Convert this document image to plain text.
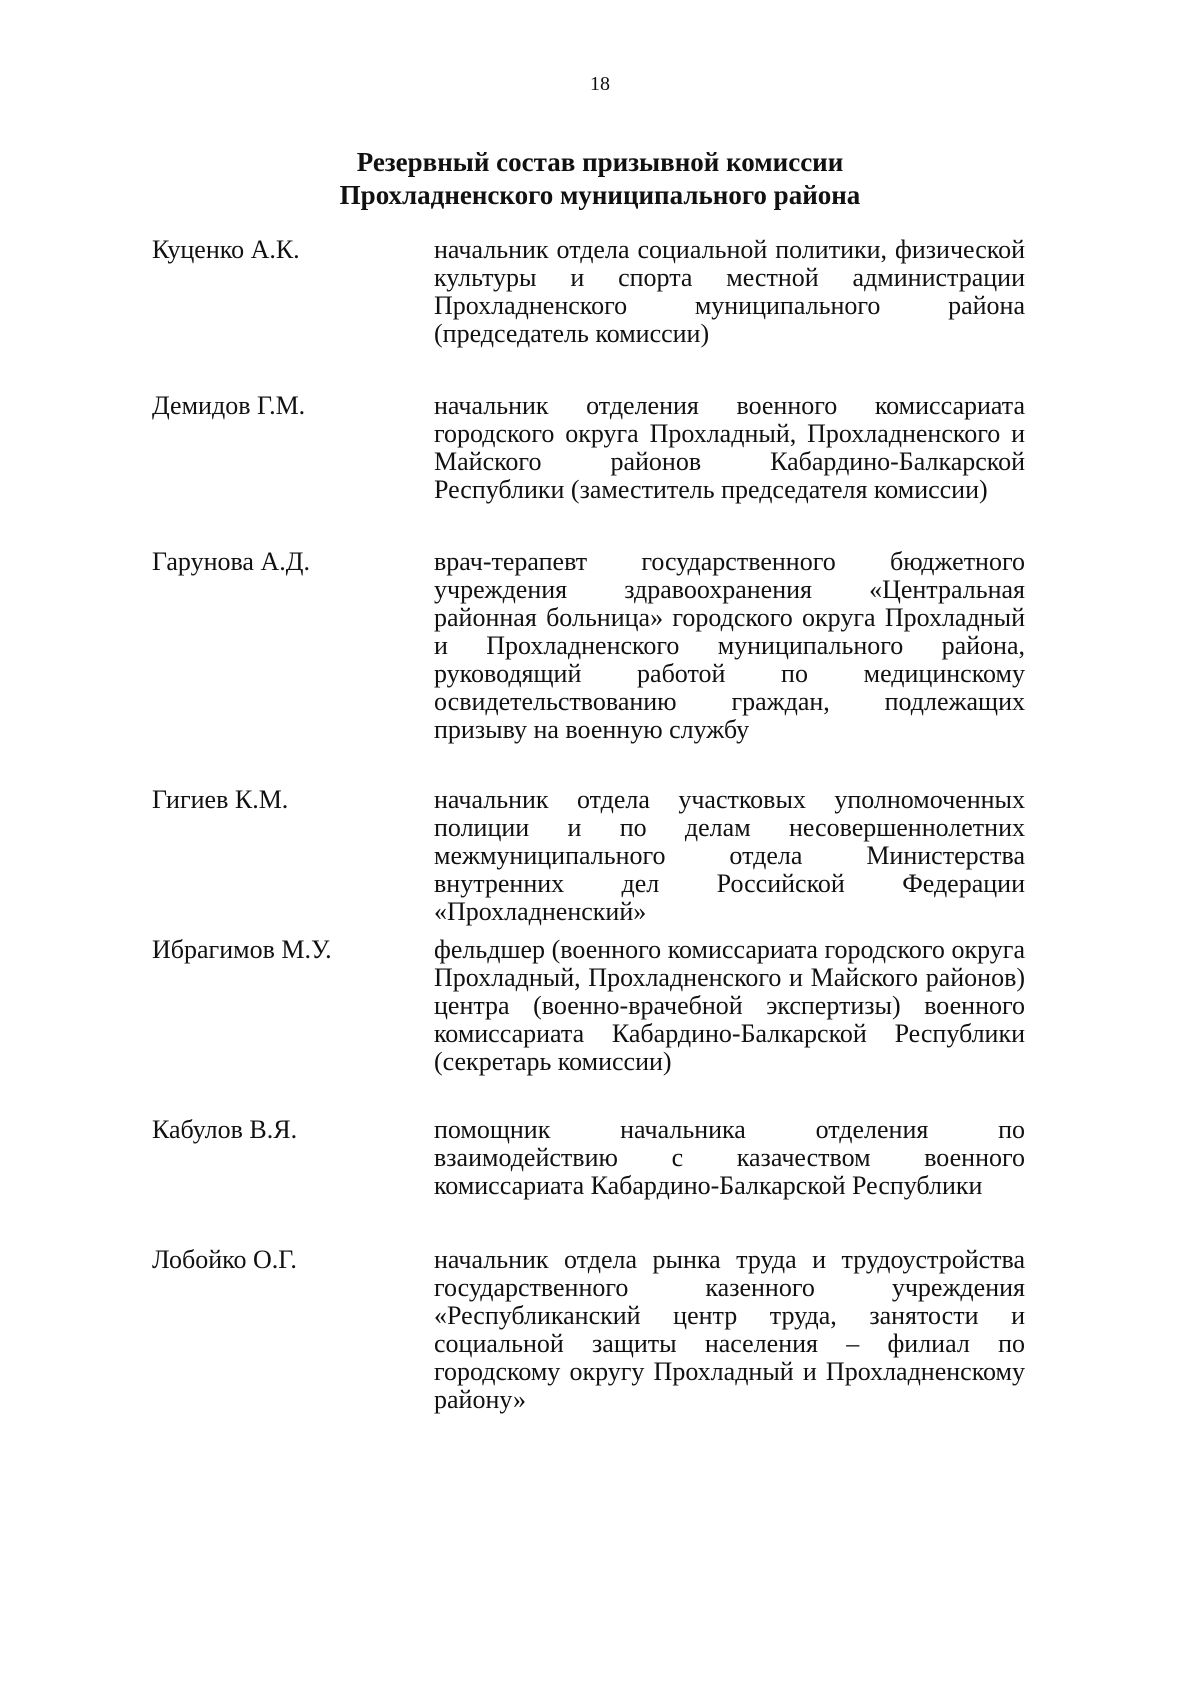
18
Резервный состав призывной комиссии
Прохладненского муниципального района
Куценко А.К.	начальник отдела социальной политики, физической культуры и спорта местной администрации Прохладненского муниципального района (председатель комиссии)
Демидов Г.М.	начальник отделения военного комиссариата городского округа Прохладный, Прохладненского и Майского районов Кабардино-Балкарской Республики (заместитель председателя комиссии)
Гарунова А.Д.	врач-терапевт государственного бюджетного учреждения здравоохранения «Центральная районная больница» городского округа Прохладный и Прохладненского муниципального района, руководящий работой по медицинскому освидетельствованию граждан, подлежащих призыву на военную службу
Гигиев К.М.	начальник отдела участковых уполномоченных полиции и по делам несовершеннолетних межмуниципального отдела Министерства внутренних дел Российской Федерации «Прохладненский»
Ибрагимов М.У.	фельдшер (военного комиссариата городского округа Прохладный, Прохладненского и Майского районов) центра (военно-врачебной экспертизы) военного комиссариата Кабардино-Балкарской Республики (секретарь комиссии)
Кабулов В.Я.	помощник начальника отделения по взаимодействию с казачеством военного комиссариата Кабардино-Балкарской Республики
Лобойко О.Г.	начальник отдела рынка труда и трудоустройства государственного казенного учреждения «Республиканский центр труда, занятости и социальной защиты населения – филиал по городскому округу Прохладный и Прохладненскому району»
